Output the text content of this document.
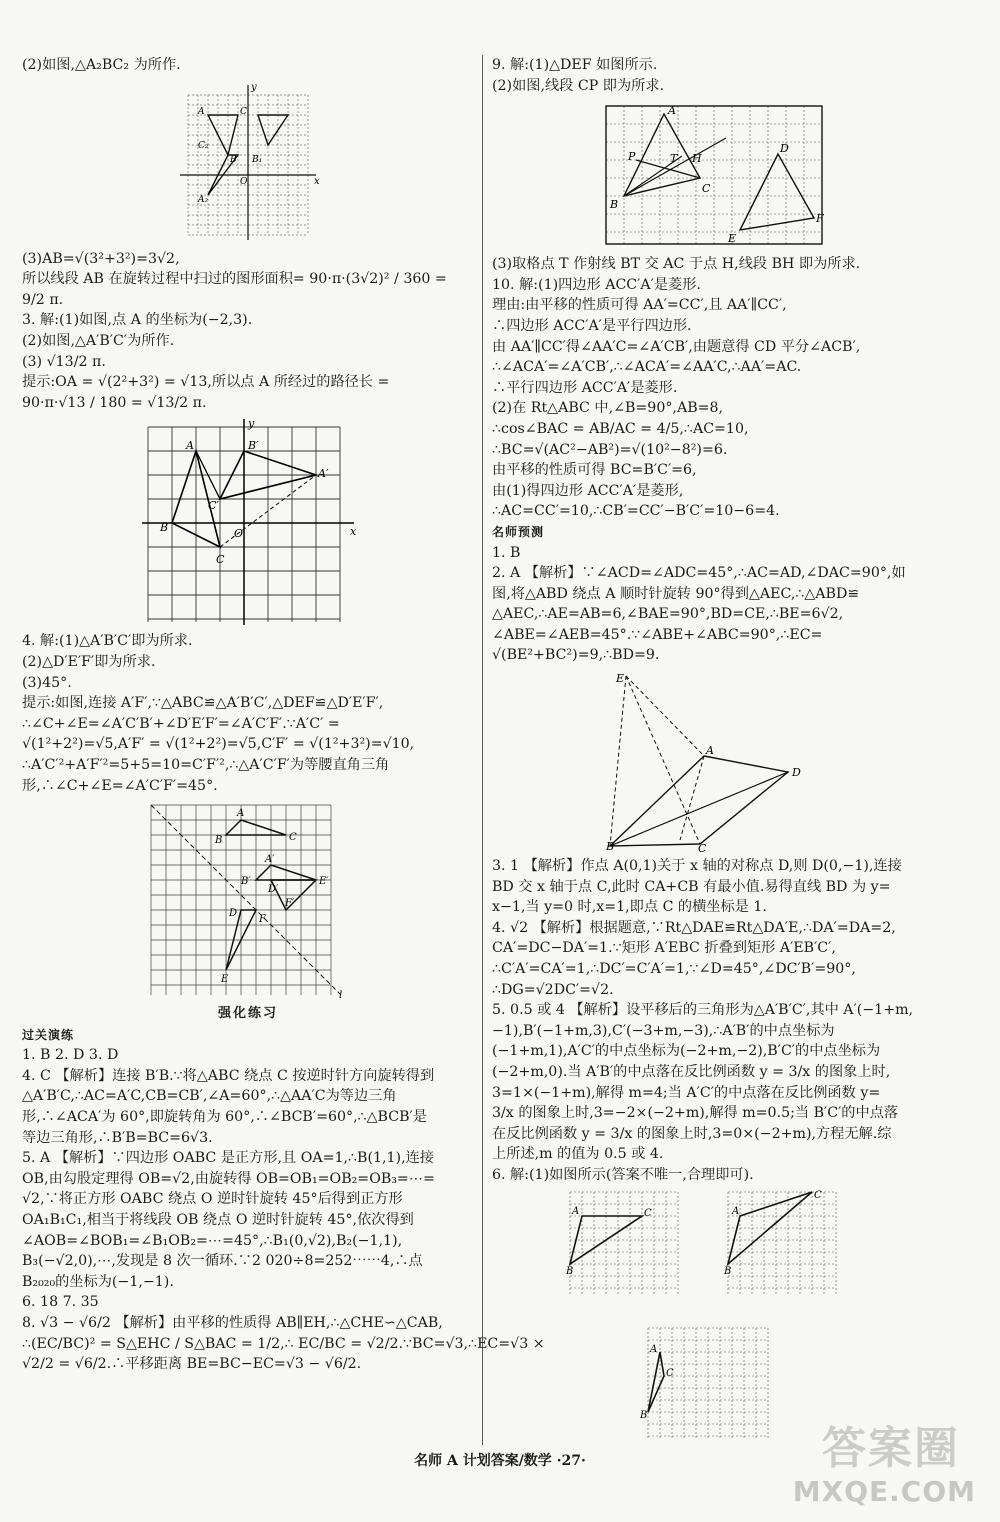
(2)如图,△A₂BC₂ 为所作.
x
y
A	C
C₂
B B₁
O
A₂
(3)AB=√(3²+3²)=3√2,
所以线段 AB 在旋转过程中扫过的图形面积= 90·π·(3√2)² / 360 =
9/2 π.
3. 解:(1)如图,点 A 的坐标为(−2,3).
(2)如图,△A′B′C′为所作.
(3) √13/2 π.
提示:OA = √(2²+3²) = √13,所以点 A 所经过的路径长 =
90·π·√13 / 180 = √13/2 π.
x
y
A	B′
A′
C′
B	O
C
4. 解:(1)△A′B′C′即为所求.
(2)△D′E′F′即为所求.
(3)45°.
提示:如图,连接 A′F′,∵△ABC≌△A′B′C′,△DEF≌△D′E′F′,
∴∠C+∠E=∠A′C′B′+∠D′E′F′=∠A′C′F′.∵A′C′ =
√(1²+2²)=√5,A′F′ = √(1²+2²)=√5,C′F′ = √(1²+3²)=√10,
∴A′C′²+A′F′²=5+5=10=C′F′²,∴△A′C′F′为等腰直角三角
形,∴∠C+∠E=∠A′C′F′=45°.
A
B	C
A′
B′
D′
E′
F′
D
F
E
l
强化练习
过关演练
1. B 2. D 3. D
4. C 【解析】连接 B′B.∵将△ABC 绕点 C 按逆时针方向旋转得到
△A′B′C,∴AC=A′C,CB=CB′,∠A=60°,∴△AA′C为等边三角
形,∴∠ACA′为 60°,即旋转角为 60°,∴∠BCB′=60°,∴△BCB′是
等边三角形,∴B′B=BC=6√3.
5. A 【解析】∵四边形 OABC 是正方形,且 OA=1,∴B(1,1),连接
OB,由勾股定理得 OB=√2,由旋转得 OB=OB₁=OB₂=OB₃=⋯=
√2,∵将正方形 OABC 绕点 O 逆时针旋转 45°后得到正方形
OA₁B₁C₁,相当于将线段 OB 绕点 O 逆时针旋转 45°,依次得到
∠AOB=∠BOB₁=∠B₁OB₂=⋯=45°,∴B₁(0,√2),B₂(−1,1),
B₃(−√2,0),⋯,发现是 8 次一循环.∵2 020÷8=252⋯⋯4,∴点
B₂₀₂₀的坐标为(−1,−1).
6. 18 7. 35
8. √3 − √6/2 【解析】由平移的性质得 AB∥EH,∴△CHE∽△CAB,
∴(EC/BC)² = S△EHC / S△BAC = 1/2,∴ EC/BC = √2/2.∵BC=√3,∴EC=√3 ×
√2/2 = √6/2.∴平移距离 BE=BC−EC=√3 − √6/2.
9. 解:(1)△DEF 如图所示.
(2)如图,线段 CP 即为所求.
A
P	T H
C
B
D
F
E
(3)取格点 T 作射线 BT 交 AC 于点 H,线段 BH 即为所求.
10. 解:(1)四边形 ACC′A′是菱形.
理由:由平移的性质可得 AA′=CC′,且 AA′∥CC′,
∴四边形 ACC′A′是平行四边形.
由 AA′∥CC′得∠AA′C=∠A′CB′,由题意得 CD 平分∠ACB′,
∴∠ACA′=∠A′CB′,∴∠ACA′=∠AA′C,∴AA′=AC.
∴平行四边形 ACC′A′是菱形.
(2)在 Rt△ABC 中,∠B=90°,AB=8,
∴cos∠BAC = AB/AC = 4/5,∴AC=10,
∴BC=√(AC²−AB²)=√(10²−8²)=6.
由平移的性质可得 BC=B′C′=6,
由(1)得四边形 ACC′A′是菱形,
∴AC=CC′=10,∴CB′=CC′−B′C′=10−6=4.
名师预测
1. B
2. A 【解析】∵∠ACD=∠ADC=45°,∴AC=AD,∠DAC=90°,如
图,将△ABD 绕点 A 顺时针旋转 90°得到△AEC,∴△ABD≌
△AEC,∴AE=AB=6,∠BAE=90°,BD=CE,∴BE=6√2,
∠ABE=∠AEB=45°.∵∠ABE+∠ABC=90°,∴EC=
√(BE²+BC²)=9,∴BD=9.
E
A
D
C
B
3. 1 【解析】作点 A(0,1)关于 x 轴的对称点 D,则 D(0,−1),连接
BD 交 x 轴于点 C,此时 CA+CB 有最小值.易得直线 BD 为 y=
x−1,当 y=0 时,x=1,即点 C 的横坐标是 1.
4. √2 【解析】根据题意,∵Rt△DAE≌Rt△DA′E,∴DA′=DA=2,
CA′=DC−DA′=1.∵矩形 A′EBC 折叠到矩形 A′EB′C′,
∴C′A′=CA′=1,∴DC′=C′A′=1,∵∠D=45°,∠DC′B′=90°,
∴DG=√2DC′=√2.
5. 0.5 或 4 【解析】设平移后的三角形为△A′B′C′,其中 A′(−1+m,
−1),B′(−1+m,3),C′(−3+m,−3),∴A′B′的中点坐标为
(−1+m,1),A′C′的中点坐标为(−2+m,−2),B′C′的中点坐标为
(−2+m,0).当 A′B′的中点落在反比例函数 y = 3/x 的图象上时,
3=1×(−1+m),解得 m=4;当 A′C′的中点落在反比例函数 y=
3/x 的图象上时,3=−2×(−2+m),解得 m=0.5;当 B′C′的中点落
在反比例函数 y = 3/x 的图象上时,3=0×(−2+m),方程无解.综
上所述,m 的值为 0.5 或 4.
6. 解:(1)如图所示(答案不唯一,合理即可).
A	C
B
A
C
B
A
C
B
名师 A 计划答案/数学 ·27·	答案圈
MXQE.COM
